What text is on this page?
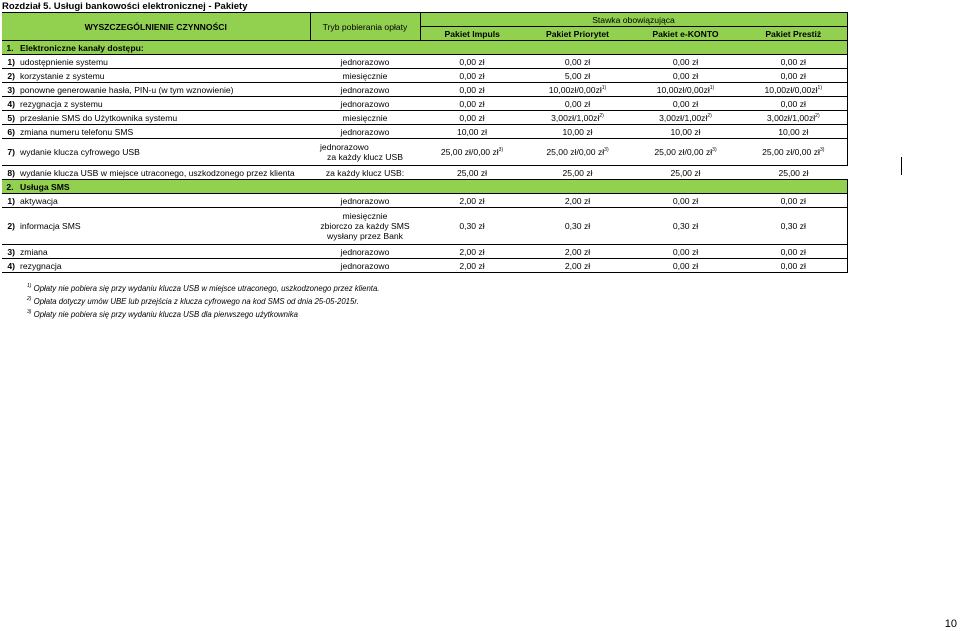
Rozdział 5. Usługi bankowości elektronicznej - Pakiety
WYSZCZEGÓLNIENIE CZYNNOŚCI		Tryb pobierania opłaty	Stawka obowiązująca			
			Pakiet Impuls	Pakiet Priorytet	Pakiet e-KONTO	Pakiet Prestiż
1.	Elektroniczne kanały dostępu:					
1)	udostępnienie systemu	jednorazowo	0,00 zł	0,00 zł	0,00 zł	0,00 zł
2)	korzystanie z systemu	miesięcznie	0,00 zł	5,00 zł	0,00 zł	0,00 zł
3)	ponowne generowanie hasła, PIN-u (w tym wznowienie)	jednorazowo	0,00 zł	$10,00zł/0,00zł^{1)}$	$10,00zł/0,00zł^{1)}$	$10,00zł/0,00zł^{1)}$
4)	rezygnacja z systemu	jednorazowo	0,00 zł	0,00 zł	0,00 zł	0,00 zł
5)	przesłanie SMS do Użytkownika systemu	miesięcznie	0,00 zł	$3,00zł/1,00zł^{2)}$	$3,00zł/1,00zł^{2)}$	$3,00zł/1,00zł^{2)}$
6)	zmiana numeru telefonu SMS	jednorazowo	10,00 zł	10,00 zł	10,00 zł	10,00 zł
7)	wydanie klucza cyfrowego USB	jednorazowo
za każdy klucz USB	25,00 zł/0,00 $zł^{3)}$	25,00 zł/0,00 $zł^{3)}$	25,00 zł/0,00 $zł^{3)}$	25,00 zł/0,00 $zł^{3)}$
8)	wydanie klucza USB w miejsce utraconego, uszkodzonego przez klienta	za każdy klucz USB:	25,00 zł	25,00 zł	25,00 zł	25,00 zł
2.	Usługa SMS					
1)	aktywacja	jednorazowo	2,00 zł	2,00 zł	0,00 zł	0,00 zł
2)	informacja SMS	miesięcznie
zbiorczo za każdy SMS
wysłany przez Bank	0,30 zł	0,30 zł	0,30 zł	0,30 zł
3)	zmiana	jednorazowo	2,00 zł	2,00 zł	0,00 zł	0,00 zł
4)	rezygnacja	jednorazowo	2,00 zł	2,00 zł	0,00 zł	0,00 zł
$^{1)}$ Opłaty nie pobiera się przy wydaniu klucza USB w miejsce utraconego, uszkodzonego przez klienta.
$^{2)}$ Opłata dotyczy umów UBE lub przejścia z klucza cyfrowego na kod SMS od dnia 25-05-2015r.
$^{3)}$ Opłaty nie pobiera się przy wydaniu klucza USB dla pierwszego użytkownika
10
